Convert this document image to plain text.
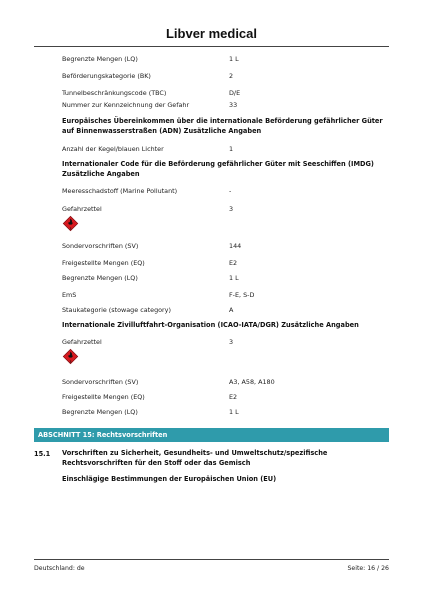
Libver medical
Begrenzte Mengen (LQ)	1 L
Beförderungskategorie (BK)	2
Tunnelbeschränkungscode (TBC)	D/E
Nummer zur Kennzeichnung der Gefahr	33
Europäisches Übereinkommen über die internationale Beförderung gefährlicher Güter auf Binnenwasserstraßen (ADN) Zusätzliche Angaben
Anzahl der Kegel/blauen Lichter	1
Internationaler Code für die Beförderung gefährlicher Güter mit Seeschiffen (IMDG) Zusätzliche Angaben
Meeresschadstoff (Marine Pollutant)	-
Gefahrzettel	3
3
Sondervorschriften (SV)	144
Freigestellte Mengen (EQ)	E2
Begrenzte Mengen (LQ)	1 L
EmS	F-E, S-D
Staukategorie (stowage category)	A
Internationale Zivilluftfahrt-Organisation (ICAO-IATA/DGR) Zusätzliche Angaben
Gefahrzettel	3
3
Sondervorschriften (SV)	A3, A58, A180
Freigestellte Mengen (EQ)	E2
Begrenzte Mengen (LQ)	1 L
ABSCHNITT 15: Rechtsvorschriften
15.1 Vorschriften zu Sicherheit, Gesundheits- und Umweltschutz/spezifische Rechtsvorschriften für den Stoff oder das Gemisch
Einschlägige Bestimmungen der Europäischen Union (EU)
Deutschland: de	Seite: 16 / 26
